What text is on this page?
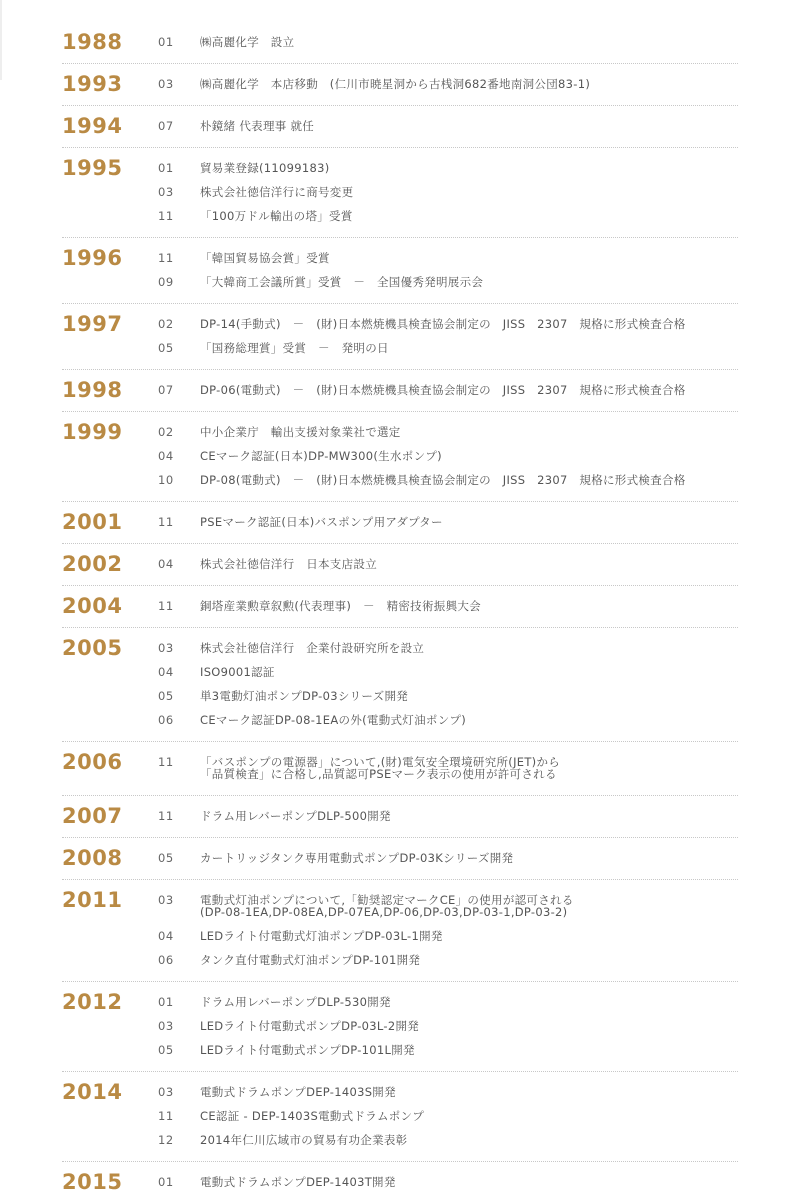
1988	01	㈱高麗化学　設立
1993	03	㈱高麗化学　本店移動　(仁川市暁星洞から古桟洞682番地南洞公団83-1)
1994	07	朴鏡緒 代表理事 就任
1995	01	貿易業登録(11099183)
03	株式会社徳信洋行に商号変更
11	「100万ドル輸出の塔」受賞
1996	11	「韓国貿易協会賞」受賞
09	「大韓商工会議所賞」受賞　－　全国優秀発明展示会
1997	02	DP-14(手動式)　－　(財)日本燃焼機具検査協会制定の　JISS　2307　規格に形式検査合格
05	「国務総理賞」受賞　－　発明の日
1998	07	DP-06(電動式)　－　(財)日本燃焼機具検査協会制定の　JISS　2307　規格に形式検査合格
1999	02	中小企業庁　輸出支援対象業社で選定
04	CEマーク認証(日本)DP-MW300(生水ポンプ)
10	DP-08(電動式)　－　(財)日本燃焼機具検査協会制定の　JISS　2307　規格に形式検査合格
2001	11	PSEマーク認証(日本)バスポンプ用アダプター
2002	04	株式会社徳信洋行　日本支店設立
2004	11	銅塔産業勲章叙勲(代表理事)　－　精密技術振興大会
2005	03	株式会社徳信洋行　企業付設研究所を設立
04	ISO9001認証
05	単3電動灯油ポンプDP-03シリーズ開発
06	CEマーク認証DP-08-1EAの外(電動式灯油ポンプ)
2006	11	「バスポンプの電源器」について,(財)電気安全環境研究所(JET)から
「品質検査」に合格し,品質認可PSEマーク表示の使用が許可される
2007	11	ドラム用レバーポンプDLP-500開発
2008	05	カートリッジタンク専用電動式ポンプDP-03Kシリーズ開発
2011	03	電動式灯油ポンプについて,「勧奨認定マークCE」の使用が認可される
(DP-08-1EA,DP-08EA,DP-07EA,DP-06,DP-03,DP-03-1,DP-03-2)
04	LEDライト付電動式灯油ポンプDP-03L-1開発
06	タンク直付電動式灯油ポンプDP-101開発
2012	01	ドラム用レバーポンプDLP-530開発
03	LEDライト付電動式ポンプDP-03L-2開発
05	LEDライト付電動式ポンプDP-101L開発
2014	03	電動式ドラムポンプDEP-1403S開発
11	CE認証 - DEP-1403S電動式ドラムポンプ
12	2014年仁川広域市の貿易有功企業表彰
2015	01	電動式ドラムポンプDEP-1403T開発
